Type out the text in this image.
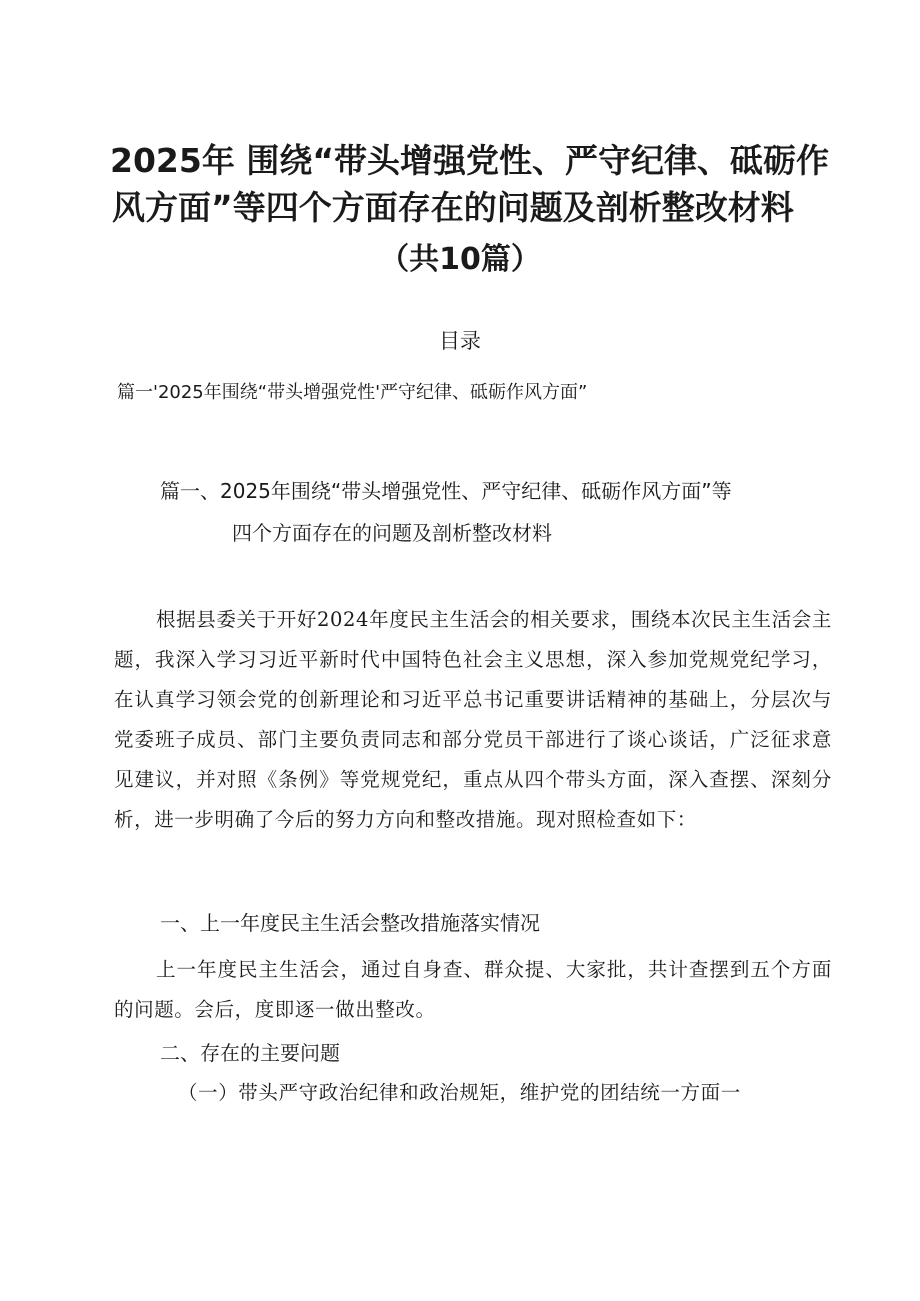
2025年 围绕“带头增强党性、严守纪律、砥砺作
风方面”等四个方面存在的问题及剖析整改材料
（共10篇）
目录
篇一'2025年围绕“带头增强党性'严守纪律、砥砺作风方面”
篇一、2025年围绕“带头增强党性、严守纪律、砥砺作风方面”等
四个方面存在的问题及剖析整改材料

根据县委关于开好2024年度民主生活会的相关要求，围绕本次民主生活会主题，我深入学习习近平新时代中国特色社会主义思想，深入参加党规党纪学习，在认真学习领会党的创新理论和习近平总书记重要讲话精神的基础上，分层次与党委班子成员、部门主要负责同志和部分党员干部进行了谈心谈话，广泛征求意见建议，并对照《条例》等党规党纪，重点从四个带头方面，深入查摆、深刻分析，进一步明确了今后的努力方向和整改措施。现对照检查如下：

一、上一年度民主生活会整改措施落实情况

上一年度民主生活会，通过自身查、群众提、大家批，共计查摆到五个方面的问题。会后，度即逐一做出整改。

二、存在的主要问题
（一）带头严守政治纪律和政治规矩，维护党的团结统一方面一
